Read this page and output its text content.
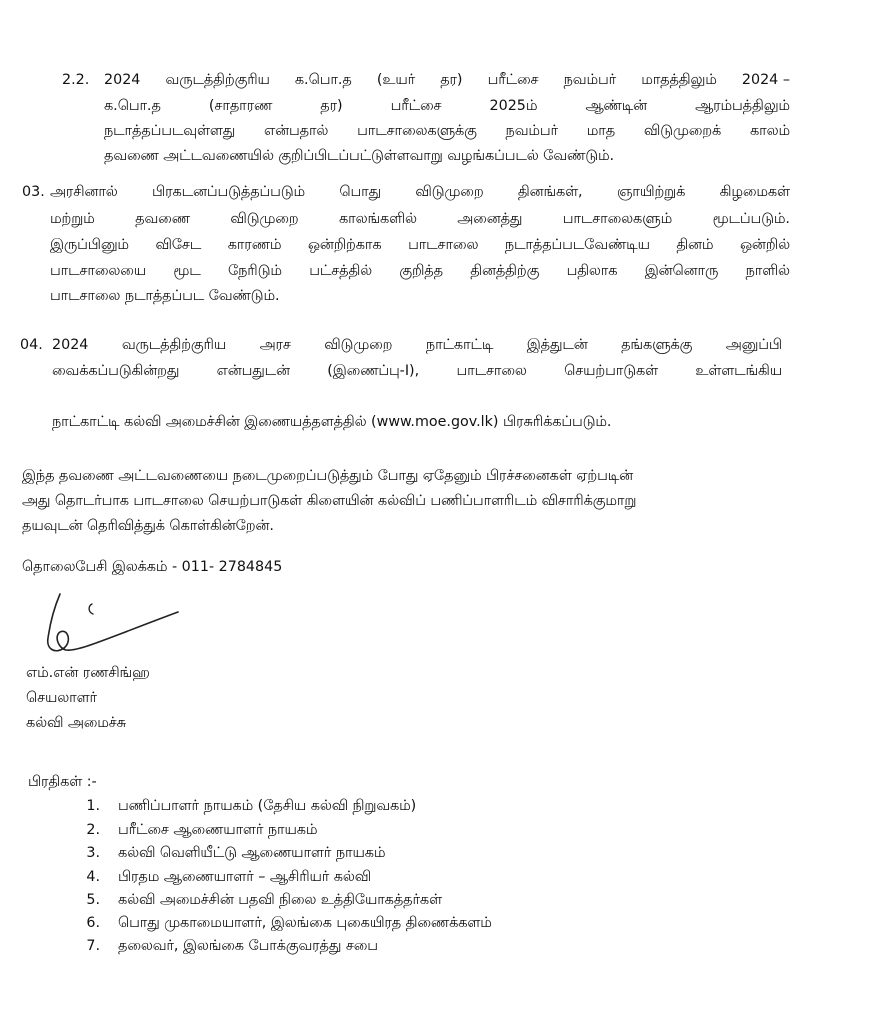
2.2. 2024 வருடத்திற்குரிய க.பொ.த (உயர் தர) பரீட்சை நவம்பர் மாதத்திலும் 2024 –
க.பொ.த	(சாதாரண	தர)	பரீட்சை	2025ம்	ஆண்டின்	ஆரம்பத்திலும்
நடாத்தப்படவுள்ளது என்பதால் பாடசாலைகளுக்கு நவம்பர் மாத விடுமுறைக் காலம்
தவணை அட்டவணையில் குறிப்பிடப்பட்டுள்ளவாறு வழங்கப்படல் வேண்டும்.
03. அரசினால் பிரகடனப்படுத்தப்படும் பொது விடுமுறை தினங்கள், ஞாயிற்றுக் கிழமைகள்
மற்றும்	தவணை	விடுமுறை	காலங்களில்	அனைத்து	பாடசாலைகளும்	மூடப்படும்.
இருப்பினும் விசேட காரணம் ஒன்றிற்காக பாடசாலை நடாத்தப்படவேண்டிய தினம் ஒன்றில்
பாடசாலையை மூட நேரிடும் பட்சத்தில் குறித்த தினத்திற்கு பதிலாக இன்னொரு நாளில்
பாடசாலை நடாத்தப்பட வேண்டும்.
04. 2024 வருடத்திற்குரிய அரச விடுமுறை நாட்காட்டி இத்துடன் தங்களுக்கு அனுப்பி
வைக்கப்படுகின்றது	என்பதுடன்	(இணைப்பு-I),	பாடசாலை	செயற்பாடுகள்	உள்ளடங்கிய
நாட்காட்டி கல்வி அமைச்சின் இணையத்தளத்தில் (www.moe.gov.lk) பிரசுரிக்கப்படும்.
இந்த தவணை அட்டவணையை நடைமுறைப்படுத்தும் போது ஏதேனும் பிரச்சனைகள் ஏற்படின்
அது தொடர்பாக பாடசாலை செயற்பாடுகள் கிளையின் கல்விப் பணிப்பாளரிடம் விசாரிக்குமாறு
தயவுடன் தெரிவித்துக் கொள்கின்றேன்.
தொலைபேசி இலக்கம் - 011- 2784845
எம்.என் ரணசிங்ஹ
செயலாளர்
கல்வி அமைச்சு
பிரதிகள் :-
1. பணிப்பாளர் நாயகம் (தேசிய கல்வி நிறுவகம்)
2. பரீட்சை ஆணையாளர் நாயகம்
3. கல்வி வெளியீட்டு ஆணையாளர் நாயகம்
4. பிரதம ஆணையாளர் – ஆசிரியர் கல்வி
5. கல்வி அமைச்சின் பதவி நிலை உத்தியோகத்தர்கள்
6. பொது முகாமையாளர், இலங்கை புகையிரத திணைக்களம்
7. தலைவர், இலங்கை போக்குவரத்து சபை
